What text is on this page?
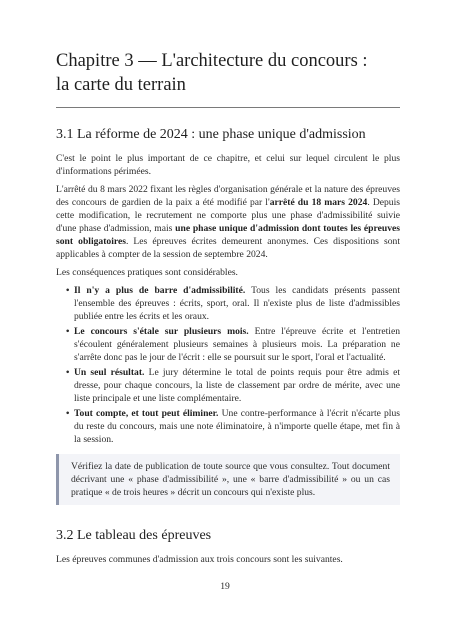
Chapitre 3 — L'architecture du concours :
la carte du terrain
3.1 La réforme de 2024 : une phase unique d'admission

C'est le point le plus important de ce chapitre, et celui sur lequel circulent le plus d'informations périmées.

L'arrêté du 8 mars 2022 fixant les règles d'organisation générale et la nature des épreuves des concours de gardien de la paix a été modifié par l'arrêté du 18 mars 2024. Depuis cette modification, le recrutement ne comporte plus une phase d'admissibilité suivie d'une phase d'admission, mais une phase unique d'admission dont toutes les épreuves sont obligatoires. Les épreuves écrites demeurent anonymes. Ces dispositions sont applicables à compter de la session de septembre 2024.

Les conséquences pratiques sont considérables.

• Il n'y a plus de barre d'admissibilité. Tous les candidats présents passent l'ensemble des épreuves : écrits, sport, oral. Il n'existe plus de liste d'admissibles publiée entre les écrits et les oraux.
• Le concours s'étale sur plusieurs mois. Entre l'épreuve écrite et l'entretien s'écoulent généralement plusieurs semaines à plusieurs mois. La préparation ne s'arrête donc pas le jour de l'écrit : elle se poursuit sur le sport, l'oral et l'actualité.
• Un seul résultat. Le jury détermine le total de points requis pour être admis et dresse, pour chaque concours, la liste de classement par ordre de mérite, avec une liste principale et une liste complémentaire.
• Tout compte, et tout peut éliminer. Une contre-performance à l'écrit n'écarte plus du reste du concours, mais une note éliminatoire, à n'importe quelle étape, met fin à la session.

Vérifiez la date de publication de toute source que vous consultez. Tout document décrivant une « phase d'admissibilité », une « barre d'admissibilité » ou un cas pratique « de trois heures » décrit un concours qui n'existe plus.

3.2 Le tableau des épreuves

Les épreuves communes d'admission aux trois concours sont les suivantes.

19
